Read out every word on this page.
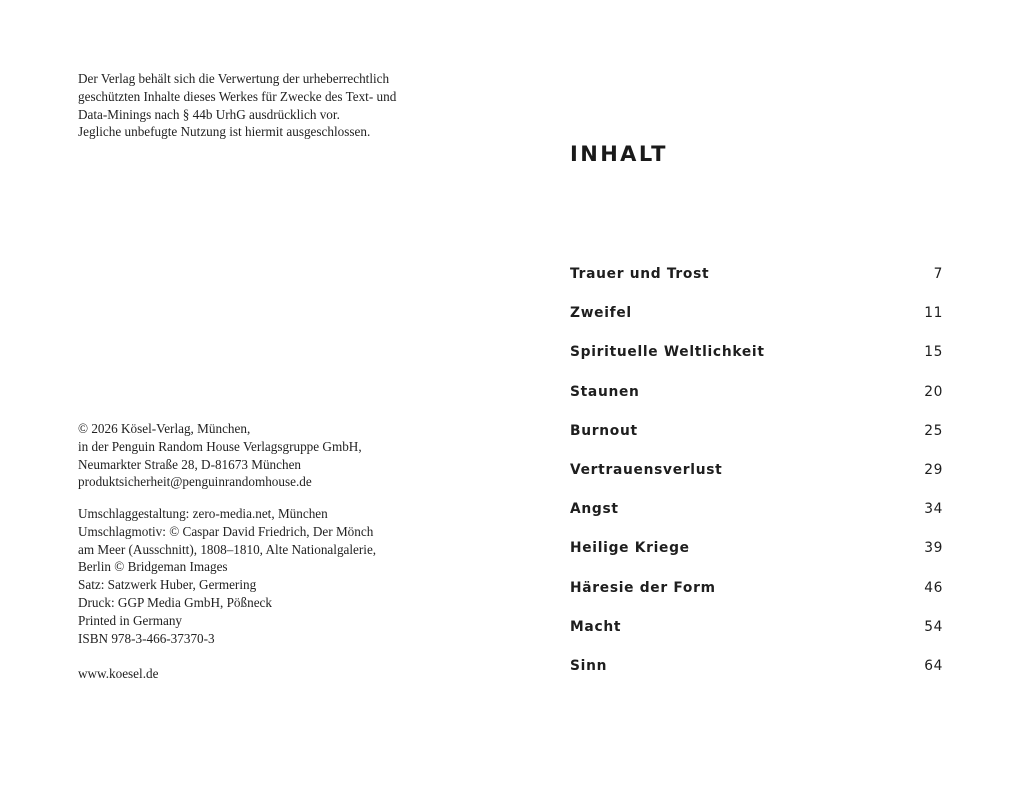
Der Verlag behält sich die Verwertung der urheberrechtlich
geschützten Inhalte dieses Werkes für Zwecke des Text- und
Data-Minings nach § 44b UrhG ausdrücklich vor.
Jegliche unbefugte Nutzung ist hiermit ausgeschlossen.
© 2026 Kösel-Verlag, München,
in der Penguin Random House Verlagsgruppe GmbH,
Neumarkter Straße 28, D-81673 München
produktsicherheit@penguinrandomhouse.de
Umschlaggestaltung: zero-media.net, München
Umschlagmotiv: © Caspar David Friedrich, Der Mönch
am Meer (Ausschnitt), 1808–1810, Alte Nationalgalerie,
Berlin © Bridgeman Images
Satz: Satzwerk Huber, Germering
Druck: GGP Media GmbH, Pößneck
Printed in Germany
ISBN 978-3-466-37370-3
www.koesel.de
INHALT
Trauer und Trost	7
Zweifel	11
Spirituelle Weltlichkeit	15
Staunen	20
Burnout	25
Vertrauensverlust	29
Angst	34
Heilige Kriege	39
Häresie der Form	46
Macht	54
Sinn	64
